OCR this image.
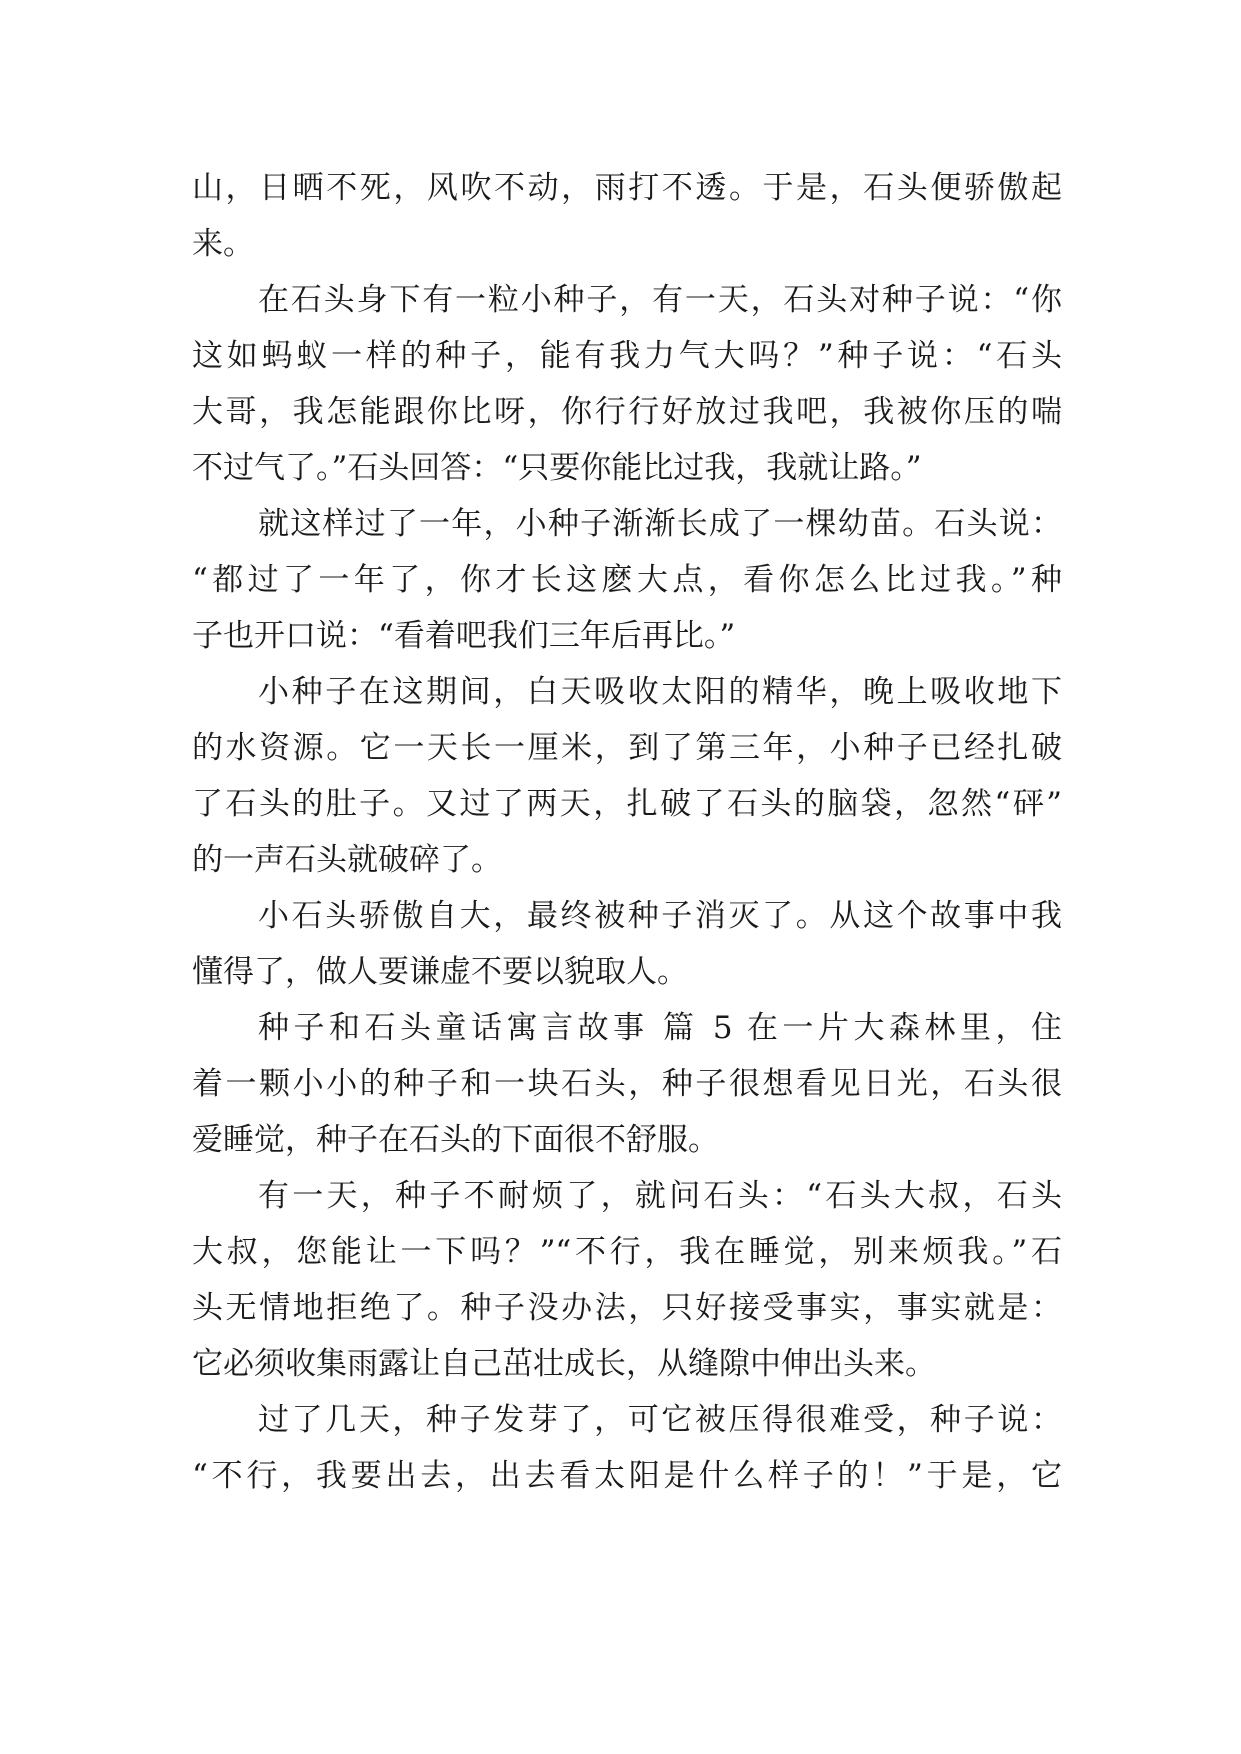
山，日晒不死，风吹不动，雨打不透。于是，石头便骄傲起
来。
在石头身下有一粒小种子，有一天，石头对种子说：“你
这如蚂蚁一样的种子，能有我力气大吗？”种子说：“石头
大哥，我怎能跟你比呀，你行行好放过我吧，我被你压的喘
不过气了。”石头回答：“只要你能比过我，我就让路。”
就这样过了一年，小种子渐渐长成了一棵幼苗。石头说：
“都过了一年了，你才长这麽大点，看你怎么比过我。”种
子也开口说：“看着吧我们三年后再比。”
小种子在这期间，白天吸收太阳的精华，晚上吸收地下
的水资源。它一天长一厘米，到了第三年，小种子已经扎破
了石头的肚子。又过了两天，扎破了石头的脑袋，忽然“砰”
的一声石头就破碎了。
小石头骄傲自大，最终被种子消灭了。从这个故事中我
懂得了，做人要谦虚不要以貌取人。
种子和石头童话寓言故事 篇 5 在一片大森林里，住
着一颗小小的种子和一块石头，种子很想看见日光，石头很
爱睡觉，种子在石头的下面很不舒服。
有一天，种子不耐烦了，就问石头：“石头大叔，石头
大叔，您能让一下吗？”“不行，我在睡觉，别来烦我。”石
头无情地拒绝了。种子没办法，只好接受事实，事实就是：
它必须收集雨露让自己茁壮成长，从缝隙中伸出头来。
过了几天，种子发芽了，可它被压得很难受，种子说：
“不行，我要出去，出去看太阳是什么样子的！”于是，它
